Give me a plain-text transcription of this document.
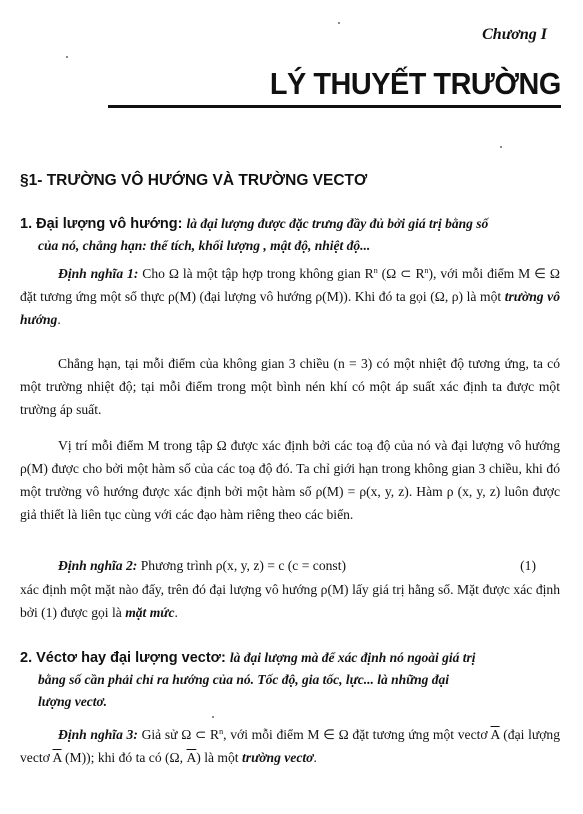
Chương I
LÝ THUYẾT TRƯỜNG
§1- TRƯỜNG VÔ HƯỚNG VÀ TRƯỜNG VECTƠ
1. Đại lượng vô hướng: là đại lượng được đặc trưng đầy đủ bởi giá trị bằng số
của nó, chẳng hạn: thể tích, khối lượng , mật độ, nhiệt độ...
Định nghĩa 1: Cho Ω là một tập hợp trong không gian $R^n$ (Ω ⊂ $R^n$), với mỗi điểm M ∈ Ω đặt tương ứng một số thực ρ(M) (đại lượng vô hướng ρ(M)). Khi đó ta gọi (Ω, ρ) là một trường vô hướng.
Chẳng hạn, tại mỗi điểm của không gian 3 chiều (n = 3) có một nhiệt độ tương ứng, ta có một trường nhiệt độ; tại mỗi điểm trong một bình nén khí có một áp suất xác định ta được một trường áp suất.
Vị trí mỗi điểm M trong tập Ω được xác định bởi các toạ độ của nó và đại lượng vô hướng ρ(M) được cho bởi một hàm số của các toạ độ đó. Ta chỉ giới hạn trong không gian 3 chiều, khi đó một trường vô hướng được xác định bởi một hàm số ρ(M) = ρ(x, y, z). Hàm ρ (x, y, z) luôn được giả thiết là liên tục cùng với các đạo hàm riêng theo các biến.
Định nghĩa 2: Phương trình ρ(x, y, z) = c (c = const)	(1)
xác định một mặt nào đấy, trên đó đại lượng vô hướng ρ(M) lấy giá trị hằng số. Mặt được xác định bởi (1) được gọi là mặt mức.
2. Véctơ hay đại lượng vectơ: là đại lượng mà để xác định nó ngoài giá trị
bằng số cần phải chỉ ra hướng của nó. Tốc độ, gia tốc, lực... là những đại
lượng vectơ.
Định nghĩa 3: Giả sử Ω ⊂ $R^n$, với mỗi điểm M ∈ Ω đặt tương ứng một vectơ $\overline{A}$ (đại lượng vectơ $\overline{A}$ (M)); khi đó ta có (Ω, $\overline{A}$) là một trường vectơ.
